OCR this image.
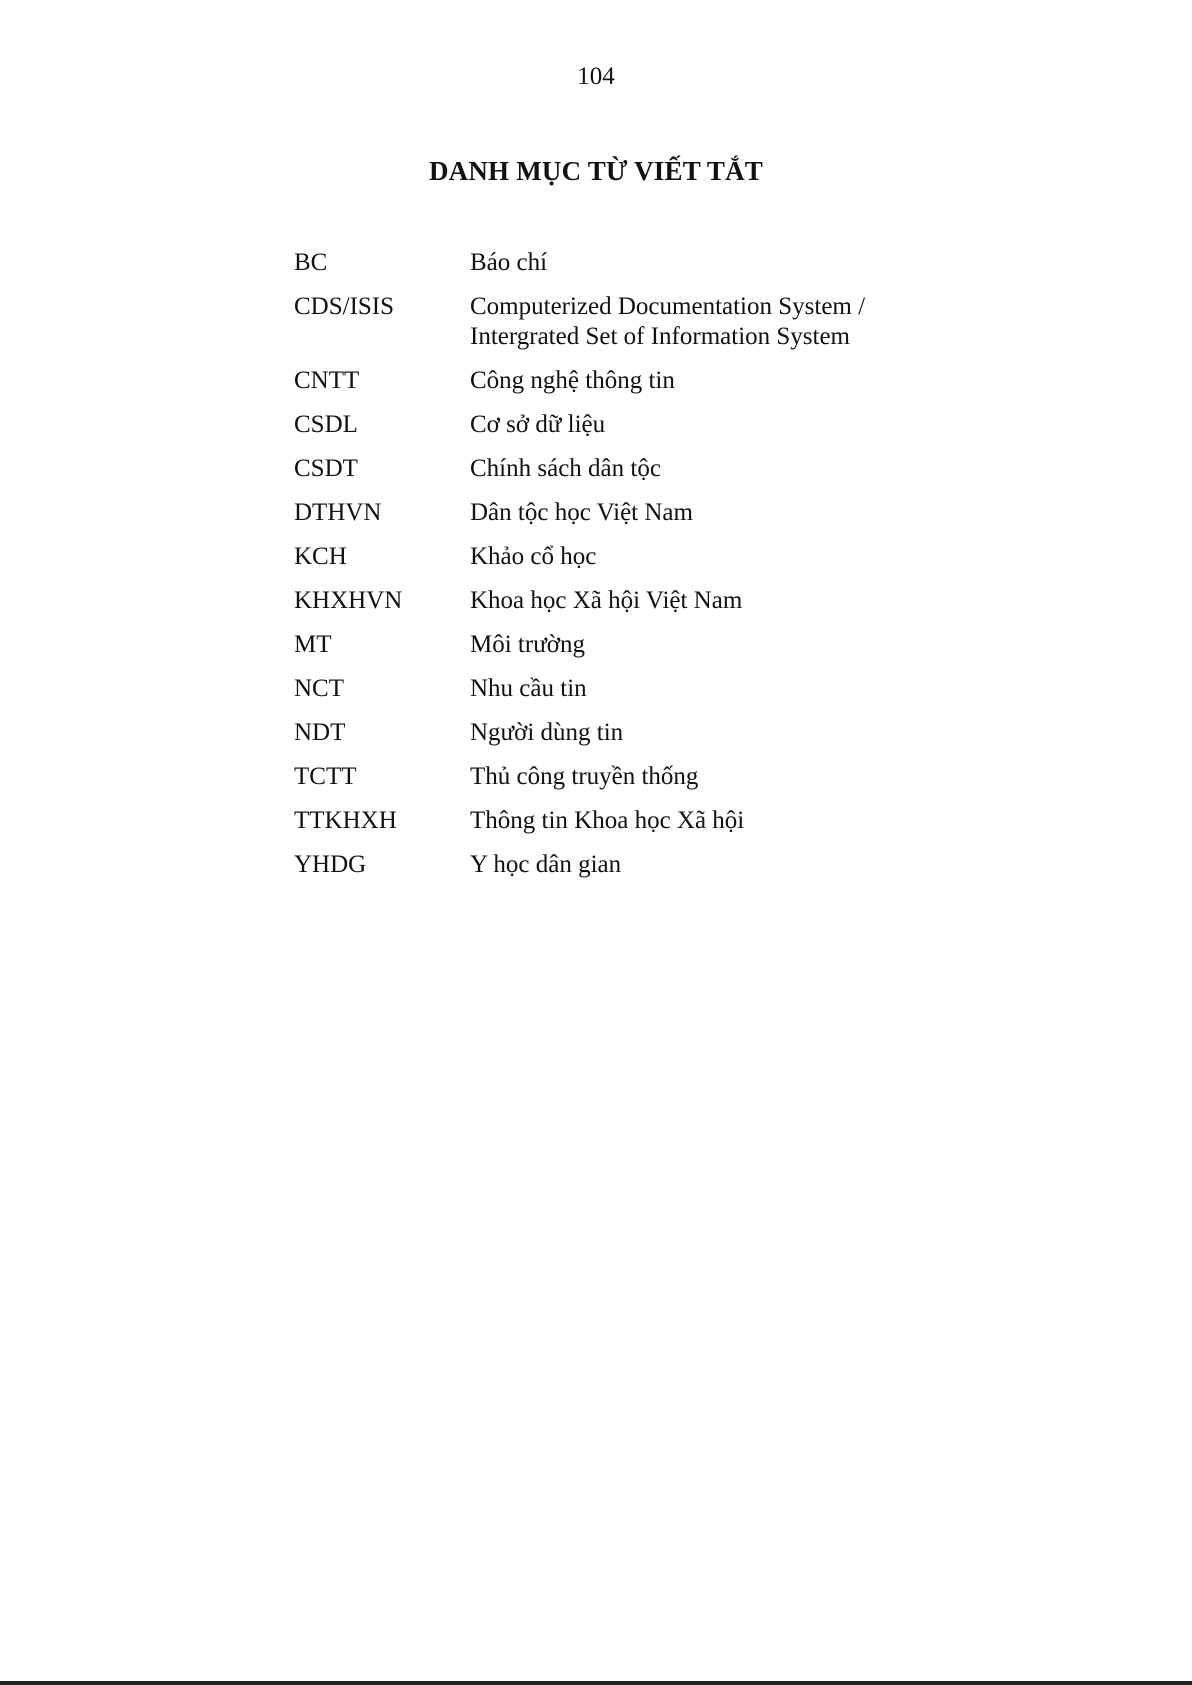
104
DANH MỤC TỪ VIẾT TẮT
BC	Báo chí
CDS/ISIS	Computerized Documentation System /
Intergrated Set of Information System
CNTT	Công nghệ thông tin
CSDL	Cơ sở dữ liệu
CSDT	Chính sách dân tộc
DTHVN	Dân tộc học Việt Nam
KCH	Khảo cổ học
KHXHVN	Khoa học Xã hội Việt Nam
MT	Môi trường
NCT	Nhu cầu tin
NDT	Người dùng tin
TCTT	Thủ công truyền thống
TTKHXH	Thông tin Khoa học Xã hội
YHDG	Y học dân gian
